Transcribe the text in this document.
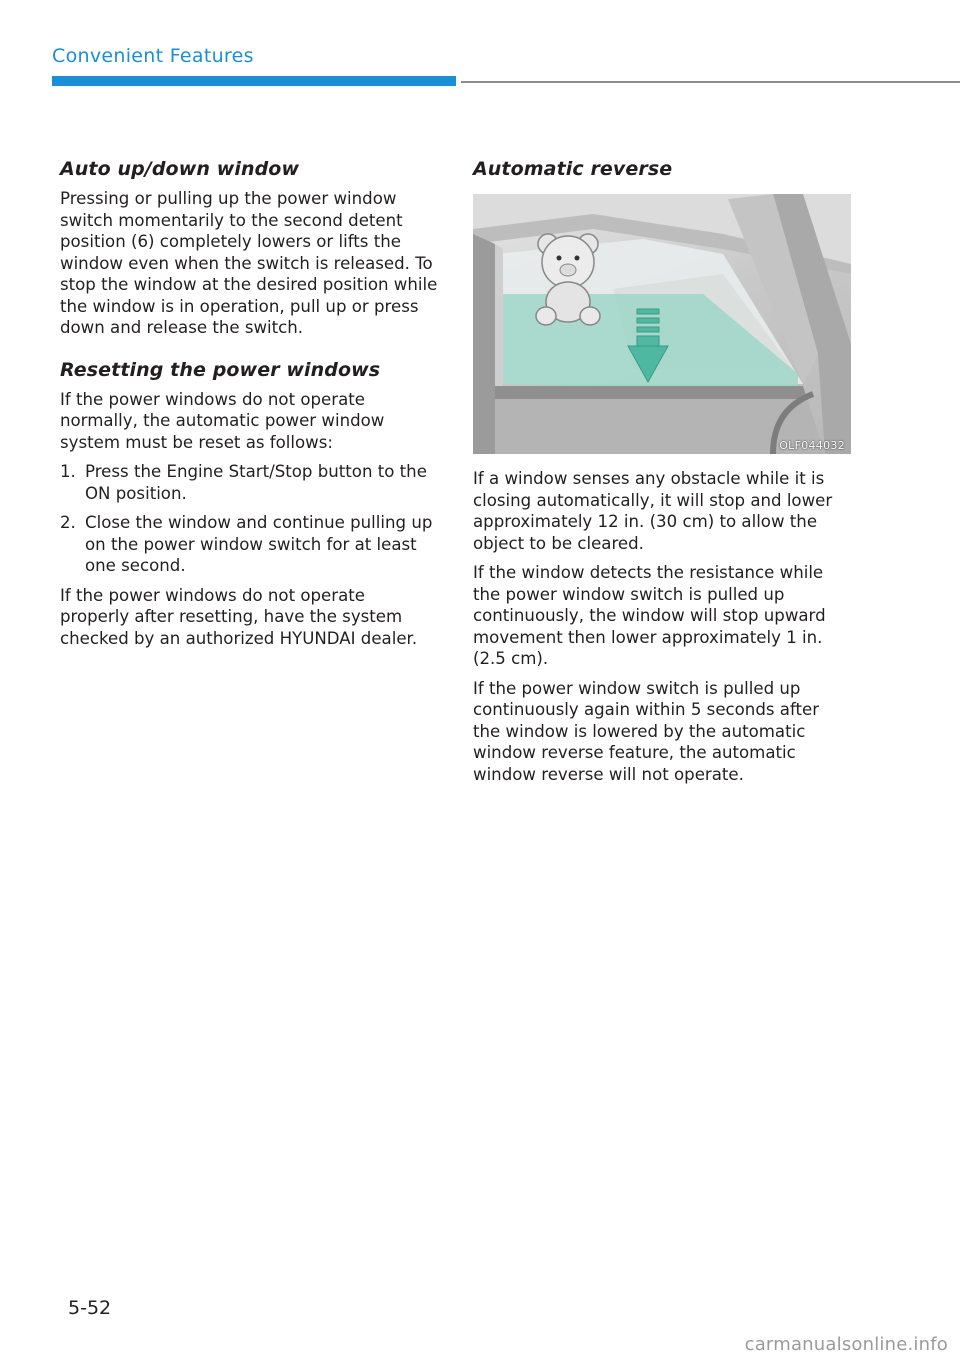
Convenient Features
Auto up/down window

Pressing or pulling up the power window switch momentarily to the second detent position (6) completely lowers or lifts the window even when the switch is released. To stop the window at the desired position while the window is in operation, pull up or press down and release the switch.

Resetting the power windows

If the power windows do not operate normally, the automatic power window system must be reset as follows:

1. Press the Engine Start/Stop button to the ON position.
2. Close the window and continue pulling up on the power window switch for at least one second.

If the power windows do not operate properly after resetting, have the system checked by an authorized HYUNDAI dealer.

Automatic reverse
OLF044032

If a window senses any obstacle while it is closing automatically, it will stop and lower approximately 12 in. (30 cm) to allow the object to be cleared.

If the window detects the resistance while the power window switch is pulled up continuously, the window will stop upward movement then lower approximately 1 in. (2.5 cm).

If the power window switch is pulled up continuously again within 5 seconds after the window is lowered by the automatic window reverse feature, the automatic window reverse will not operate.

5-52
carmanualsonline.info
